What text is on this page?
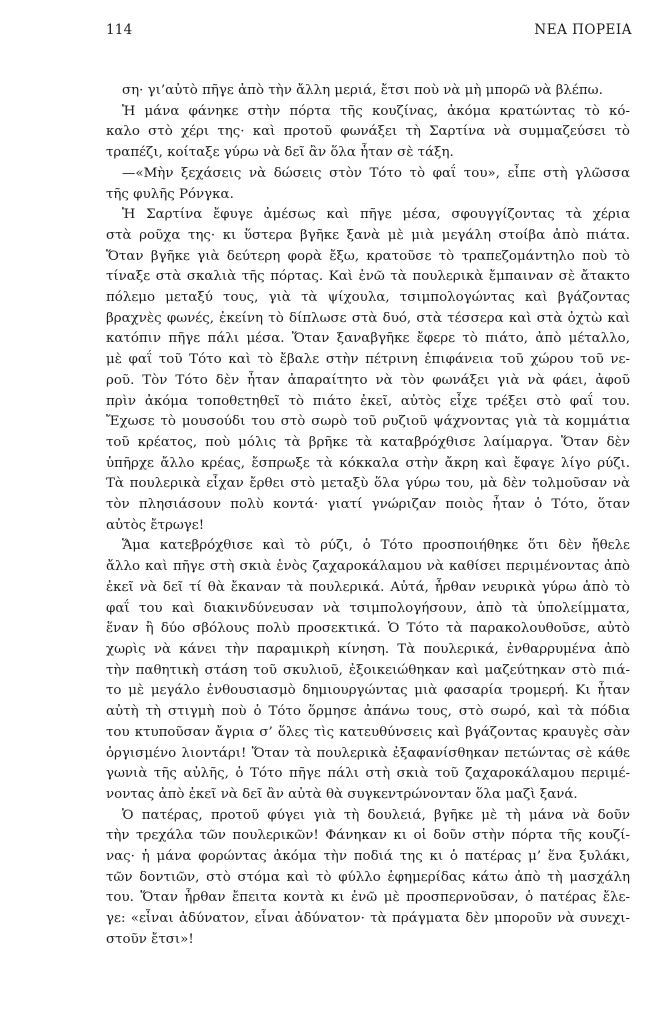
114	ΝΕΑ ΠΟΡΕΙΑ
ση· γι’αὐτὸ πῆγε ἀπὸ τὴν ἄλλη μεριά, ἔτσι ποὺ νὰ μὴ μπορῶ νὰ βλέπω.
Ἡ μάνα φάνηκε στὴν πόρτα τῆς κουζίνας, ἀκόμα κρατώντας τὸ κό-
καλο στὸ χέρι της· καὶ προτοῦ φωνάξει τὴ Σαρτίνα νὰ συμμαζεύσει τὸ
τραπέζι, κοίταξε γύρω νὰ δεῖ ἂν ὅλα ἦταν σὲ τάξη.
—«Μὴν ξεχάσεις νὰ δώσεις στὸν Τότο τὸ φαΐ του», εἶπε στὴ γλῶσσα
τῆς φυλῆς Ρόνγκα.
Ἡ Σαρτίνα ἔφυγε ἀμέσως καὶ πῆγε μέσα, σφουγγίζοντας τὰ χέρια
στὰ ροῦχα της· κι ὕστερα βγῆκε ξανὰ μὲ μιὰ μεγάλη στοίβα ἀπὸ πιάτα.
Ὅταν βγῆκε γιὰ δεύτερη φορὰ ἔξω, κρατοῦσε τὸ τραπεζομάντηλο ποὺ τὸ
τίναξε στὰ σκαλιὰ τῆς πόρτας. Καὶ ἐνῶ τὰ πουλερικὰ ἔμπαιναν σὲ ἄτακτο
πόλεμο μεταξύ τους, γιὰ τὰ ψίχουλα, τσιμπολογώντας καὶ βγάζοντας
βραχνὲς φωνές, ἐκείνη τὸ δίπλωσε στὰ δυό, στὰ τέσσερα καὶ στὰ ὀχτὼ καὶ
κατόπιν πῆγε πάλι μέσα. Ὅταν ξαναβγῆκε ἔφερε τὸ πιάτο, ἀπὸ μέταλλο,
μὲ φαΐ τοῦ Τότο καὶ τὸ ἔβαλε στὴν πέτρινη ἐπιφάνεια τοῦ χώρου τοῦ νε-
ροῦ. Τὸν Τότο δὲν ἦταν ἀπαραίτητο νὰ τὸν φωνάξει γιὰ νὰ φάει, ἀφοῦ
πρὶν ἀκόμα τοποθετηθεῖ τὸ πιάτο ἐκεῖ, αὐτὸς εἶχε τρέξει στὸ φαΐ του.
Ἔχωσε τὸ μουσούδι του στὸ σωρὸ τοῦ ρυζιοῦ ψάχνοντας γιὰ τὰ κομμάτια
τοῦ κρέατος, ποὺ μόλις τὰ βρῆκε τὰ καταβρόχθισε λαίμαργα. Ὅταν δὲν
ὑπῆρχε ἄλλο κρέας, ἔσπρωξε τὰ κόκκαλα στὴν ἄκρη καὶ ἔφαγε λίγο ρύζι.
Τὰ πουλερικὰ εἶχαν ἔρθει στὸ μεταξὺ ὅλα γύρω του, μὰ δὲν τολμοῦσαν νὰ
τὸν πλησιάσουν πολὺ κοντά· γιατί γνώριζαν ποιὸς ἦταν ὁ Τότο, ὅταν
αὐτὸς ἔτρωγε!
Ἅμα κατεβρόχθισε καὶ τὸ ρύζι, ὁ Τότο προσποιήθηκε ὅτι δὲν ἤθελε
ἄλλο καὶ πῆγε στὴ σκιὰ ἑνὸς ζαχαροκάλαμου νὰ καθίσει περιμένοντας ἀπὸ
ἐκεῖ νὰ δεῖ τί θὰ ἔκαναν τὰ πουλερικά. Αὐτά, ἦρθαν νευρικὰ γύρω ἀπὸ τὸ
φαΐ του καὶ διακινδύνευσαν νὰ τσιμπολογήσουν, ἀπὸ τὰ ὑπολείμματα,
ἕναν ἢ δύο σβόλους πολὺ προσεκτικά. Ὁ Τότο τὰ παρακολουθοῦσε, αὐτὸ
χωρὶς νὰ κάνει τὴν παραμικρὴ κίνηση. Τὰ πουλερικά, ἐνθαρρυμένα ἀπὸ
τὴν παθητικὴ στάση τοῦ σκυλιοῦ, ἐξοικειώθηκαν καὶ μαζεύτηκαν στὸ πιά-
το μὲ μεγάλο ἐνθουσιασμὸ δημιουργώντας μιὰ φασαρία τρομερή. Κι ἦταν
αὐτὴ τὴ στιγμὴ ποὺ ὁ Τότο ὅρμησε ἀπάνω τους, στὸ σωρό, καὶ τὰ πόδια
του κτυποῦσαν ἄγρια σ’ ὅλες τὶς κατευθύνσεις καὶ βγάζοντας κραυγὲς σὰν
ὀργισμένο λιοντάρι! Ὅταν τὰ πουλερικὰ ἐξαφανίσθηκαν πετώντας σὲ κάθε
γωνιὰ τῆς αὐλῆς, ὁ Τότο πῆγε πάλι στὴ σκιὰ τοῦ ζαχαροκάλαμου περιμέ-
νοντας ἀπὸ ἐκεῖ νὰ δεῖ ἂν αὐτὰ θὰ συγκεντρώνονταν ὅλα μαζὶ ξανά.
Ὁ πατέρας, προτοῦ φύγει γιὰ τὴ δουλειά, βγῆκε μὲ τὴ μάνα νὰ δοῦν
τὴν τρεχάλα τῶν πουλερικῶν! Φάνηκαν κι οἱ δοῦν στὴν πόρτα τῆς κουζί-
νας· ἡ μάνα φορώντας ἀκόμα τὴν ποδιά της κι ὁ πατέρας μ’ ἕνα ξυλάκι,
τῶν δοντιῶν, στὸ στόμα καὶ τὸ φύλλο ἐφημερίδας κάτω ἀπὸ τὴ μασχάλη
του. Ὅταν ἦρθαν ἔπειτα κοντὰ κι ἐνῶ μὲ προσπερνοῦσαν, ὁ πατέρας ἔλε-
γε: «εἶναι ἀδύνατον, εἶναι ἀδύνατον· τὰ πράγματα δὲν μποροῦν νὰ συνεχι-
στοῦν ἔτσι»!
